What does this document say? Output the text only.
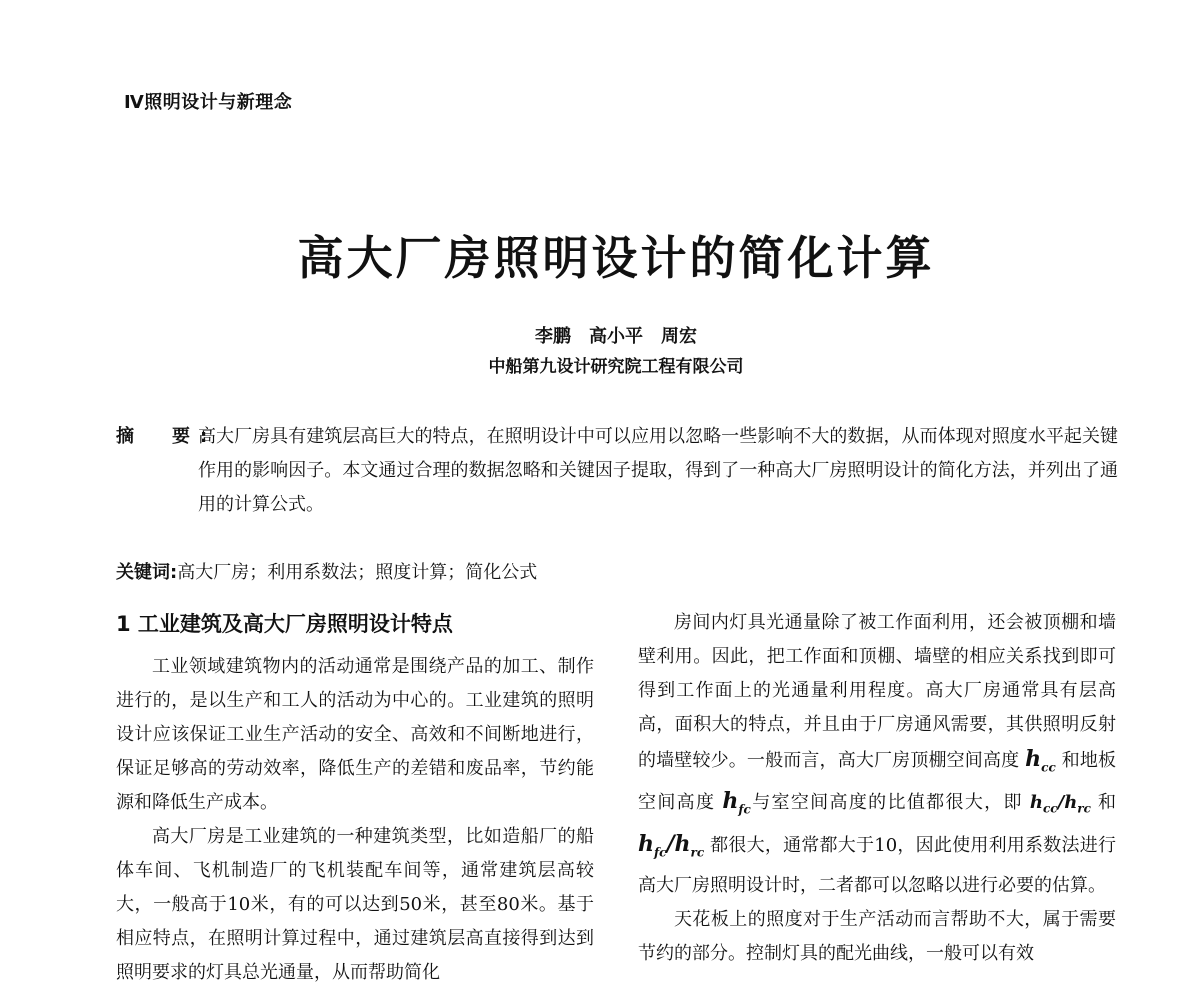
Ⅳ照明设计与新理念
高大厂房照明设计的简化计算
李鹏　高小平　周宏
中船第九设计研究院工程有限公司
摘　要:
高大厂房具有建筑层高巨大的特点，在照明设计中可以应用以忽略一些影响不大的数据，从而体现对照度水平起关键作用的影响因子。本文通过合理的数据忽略和关键因子提取，得到了一种高大厂房照明设计的简化方法，并列出了通用的计算公式。
关键词:高大厂房；利用系数法；照度计算；简化公式
1 工业建筑及高大厂房照明设计特点

工业领域建筑物内的活动通常是围绕产品的加工、制作进行的，是以生产和工人的活动为中心的。工业建筑的照明设计应该保证工业生产活动的安全、高效和不间断地进行，保证足够高的劳动效率，降低生产的差错和废品率，节约能源和降低生产成本。

高大厂房是工业建筑的一种建筑类型，比如造船厂的船体车间、飞机制造厂的飞机装配车间等，通常建筑层高较大，一般高于10米，有的可以达到50米，甚至80米。基于相应特点，在照明计算过程中，通过建筑层高直接得到达到照明要求的灯具总光通量，从而帮助简化

房间内灯具光通量除了被工作面利用，还会被顶棚和墙壁利用。因此，把工作面和顶棚、墙壁的相应关系找到即可得到工作面上的光通量利用程度。高大厂房通常具有层高高，面积大的特点，并且由于厂房通风需要，其供照明反射的墙壁较少。一般而言，高大厂房顶棚空间高度 $h_{cc}$ 和地板空间高度 $h_{fc}$与室空间高度的比值都很大，即 $h_{cc}/h_{rc}$ 和 $h_{fc}/h_{rc}$ 都很大，通常都大于10，因此使用利用系数法进行高大厂房照明设计时，二者都可以忽略以进行必要的估算。

天花板上的照度对于生产活动而言帮助不大，属于需要节约的部分。控制灯具的配光曲线，一般可以有效
